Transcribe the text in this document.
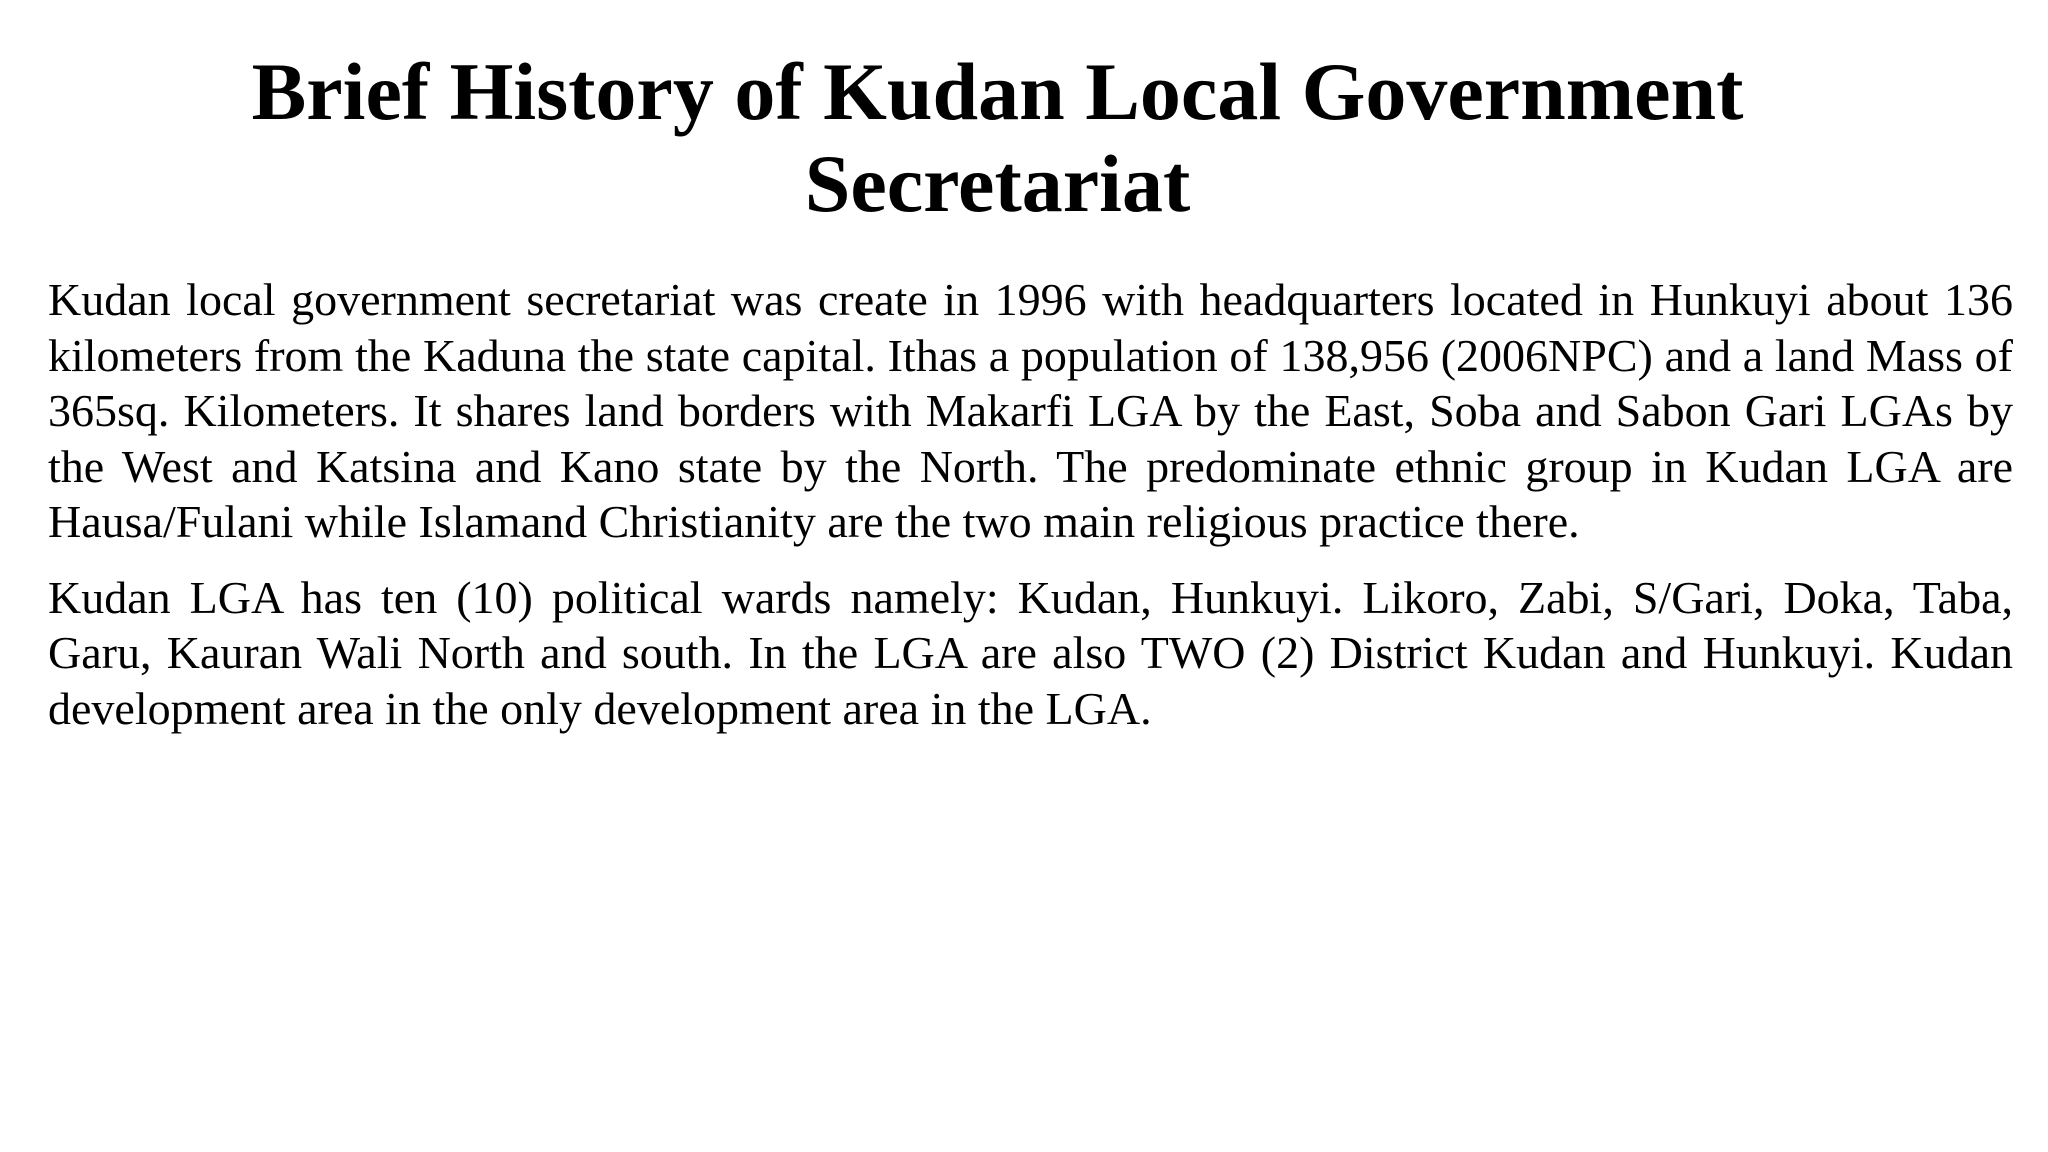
Brief History of Kudan Local Government Secretariat

Kudan local government secretariat was create in 1996 with headquarters located in Hunkuyi about 136 kilometers from the Kaduna the state capital. Ithas a population of 138,956 (2006NPC) and a land Mass of 365sq. Kilometers. It shares land borders with Makarfi LGA by the East, Soba and Sabon Gari LGAs by the West and Katsina and Kano state by the North. The predominate ethnic group in Kudan LGA are Hausa/Fulani while Islamand Christianity are the two main religious practice there.

Kudan LGA has ten (10) political wards namely: Kudan, Hunkuyi. Likoro, Zabi, S/Gari, Doka, Taba, Garu, Kauran Wali North and south. In the LGA are also TWO (2) District Kudan and Hunkuyi. Kudan development area in the only development area in the LGA.
